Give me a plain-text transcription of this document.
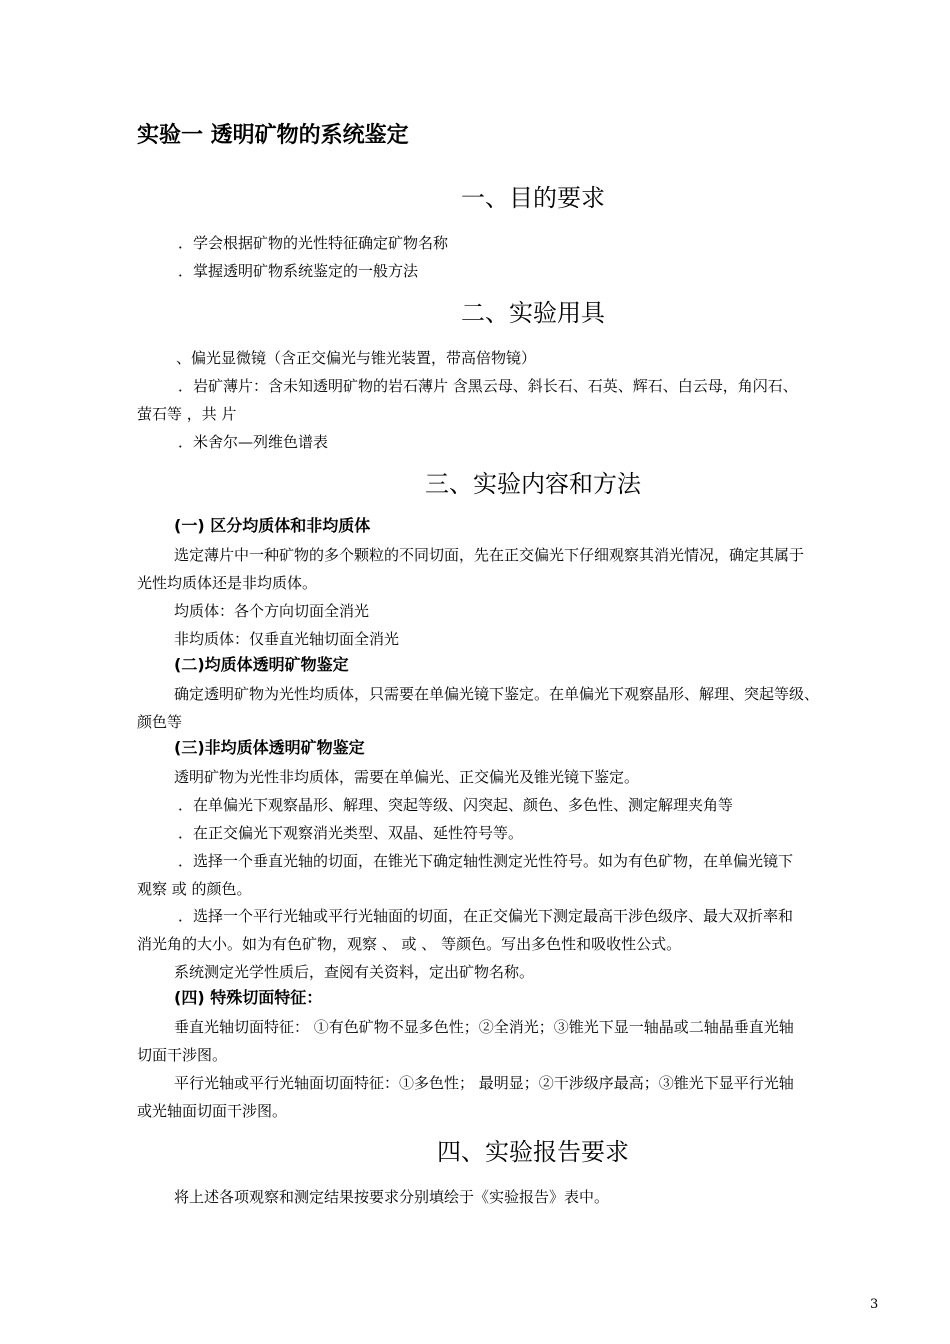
实验一 透明矿物的系统鉴定
一、目的要求
．学会根据矿物的光性特征确定矿物名称
．掌握透明矿物系统鉴定的一般方法
二、实验用具
、偏光显微镜（含正交偏光与锥光装置，带高倍物镜）
．岩矿薄片：含未知透明矿物的岩石薄片 含黑云母、斜长石、石英、辉石、白云母，角闪石、
萤石等 ，共 片
．米舍尔—列维色谱表
三、实验内容和方法
(一) 区分均质体和非均质体
选定薄片中一种矿物的多个颗粒的不同切面，先在正交偏光下仔细观察其消光情况，确定其属于
光性均质体还是非均质体。
均质体：各个方向切面全消光
非均质体：仅垂直光轴切面全消光
(二)均质体透明矿物鉴定
确定透明矿物为光性均质体，只需要在单偏光镜下鉴定。在单偏光下观察晶形、解理、突起等级、
颜色等
(三)非均质体透明矿物鉴定
透明矿物为光性非均质体，需要在单偏光、正交偏光及锥光镜下鉴定。
．在单偏光下观察晶形、解理、突起等级、闪突起、颜色、多色性、测定解理夹角等
．在正交偏光下观察消光类型、双晶、延性符号等。
．选择一个垂直光轴的切面，在锥光下确定轴性测定光性符号。如为有色矿物，在单偏光镜下
观察 或 的颜色。
．选择一个平行光轴或平行光轴面的切面，在正交偏光下测定最高干涉色级序、最大双折率和
消光角的大小。如为有色矿物，观察 、 或 、 等颜色。写出多色性和吸收性公式。
系统测定光学性质后，查阅有关资料，定出矿物名称。
(四) 特殊切面特征：
垂直光轴切面特征： ①有色矿物不显多色性；②全消光；③锥光下显一轴晶或二轴晶垂直光轴
切面干涉图。
平行光轴或平行光轴面切面特征：①多色性； 最明显；②干涉级序最高；③锥光下显平行光轴
或光轴面切面干涉图。
四、实验报告要求
将上述各项观察和测定结果按要求分别填绘于《实验报告》表中。
3
